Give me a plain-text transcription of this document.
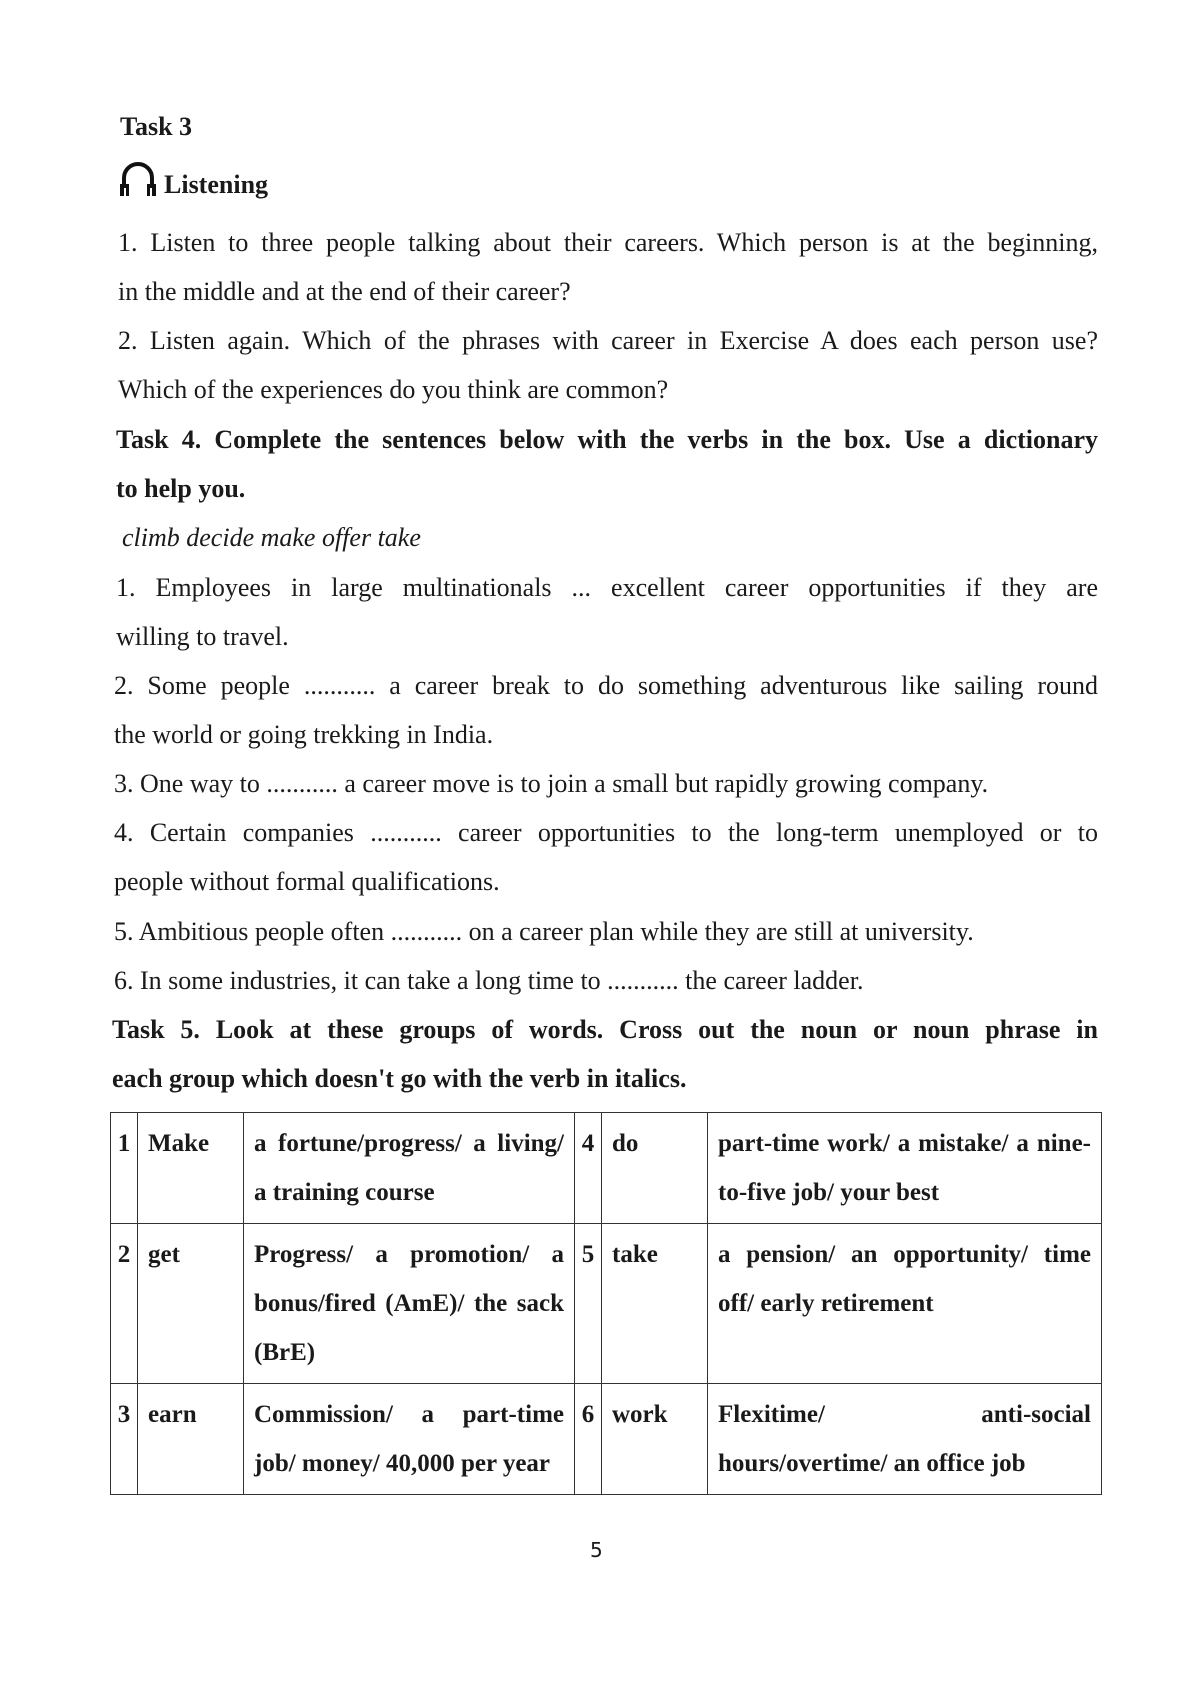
Task 3
Listening
1. Listen to three people talking about their careers. Which person is at the beginning,
in the middle and at the end of their career?
2. Listen again. Which of the phrases with career in Exercise A does each person use?
Which of the experiences do you think are common?
Task 4. Complete the sentences below with the verbs in the box. Use a dictionary
to help you.
climb decide make offer take
1. Employees in large multinationals ... excellent career opportunities if they are
willing to travel.
2. Some people ........... a career break to do something adventurous like sailing round
the world or going trekking in India.
3. One way to ........... a career move is to join a small but rapidly growing company.
4. Certain companies ........... career opportunities to the long-term unemployed or to
people without formal qualifications.
5. Ambitious people often ........... on a career plan while they are still at university.
6. In some industries, it can take a long time to ........... the career ladder.
Task 5. Look at these groups of words. Cross out the noun or noun phrase in
each group which doesn't go with the verb in italics.
1	Make	a fortune/progress/ a living/ a training course	4	do	part-time work/ a mistake/ a nine-to-five job/ your best
2	get	Progress/ a promotion/ a bonus/fired (AmE)/ the sack (BrE)	5	take	a pension/ an opportunity/ time off/ early retirement
3	earn	Commission/ a part-time job/ money/ 40,000 per year	6	work	Flexitime/ anti-social hours/overtime/ an office job
5
